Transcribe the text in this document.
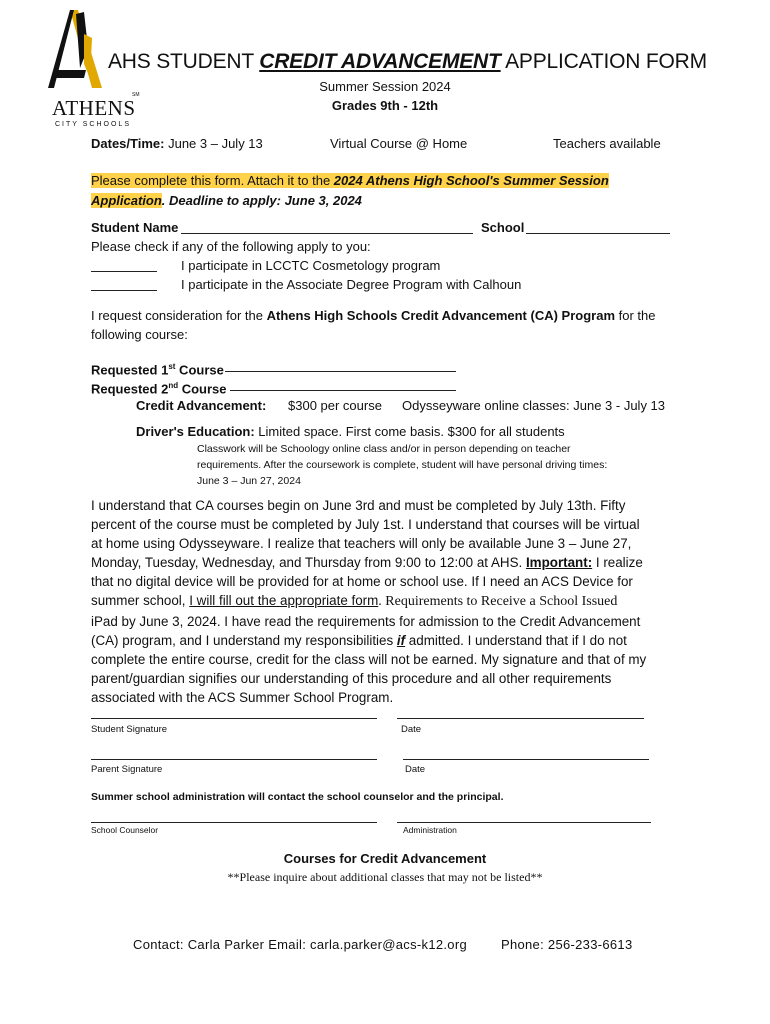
SM
ATHENS
CITY SCHOOLS
AHS STUDENT CREDIT ADVANCEMENT APPLICATION FORM
Summer Session 2024
Grades 9th - 12th
Dates/Time: June 3 – July 13	Virtual Course @ Home	Teachers available
Please complete this form. Attach it to the 2024 Athens High School's Summer Session
Application. Deadline to apply: June 3, 2024
Student Name	School
Please check if any of the following apply to you:
I participate in LCCTC Cosmetology program
I participate in the Associate Degree Program with Calhoun
I request consideration for the Athens High Schools Credit Advancement (CA) Program for the
following course:
Requested 1st Course
Requested 2nd Course
Credit Advancement: $300 per course Odysseyware online classes: June 3 - July 13
Driver's Education: Limited space. First come basis. $300 for all students
Classwork will be Schoology online class and/or in person depending on teacher
requirements. After the coursework is complete, student will have personal driving times:
June 3 – Jun 27, 2024
I understand that CA courses begin on June 3rd and must be completed by July 13th. Fifty
percent of the course must be completed by July 1st. I understand that courses will be virtual
at home using Odysseyware. I realize that teachers will only be available June 3 – June 27,
Monday, Tuesday, Wednesday, and Thursday from 9:00 to 12:00 at AHS. Important: I realize
that no digital device will be provided for at home or school use. If I need an ACS Device for
summer school, I will fill out the appropriate form. Requirements to Receive a School Issued
iPad by June 3, 2024. I have read the requirements for admission to the Credit Advancement
(CA) program, and I understand my responsibilities if admitted. I understand that if I do not
complete the entire course, credit for the class will not be earned. My signature and that of my
parent/guardian signifies our understanding of this procedure and all other requirements
associated with the ACS Summer School Program.
Student Signature	Date
Parent Signature	Date
Summer school administration will contact the school counselor and the principal.
School Counselor	Administration
Courses for Credit Advancement
**Please inquire about additional classes that may not be listed**
Contact: Carla Parker Email: carla.parker@acs-k12.org	Phone: 256-233-6613
